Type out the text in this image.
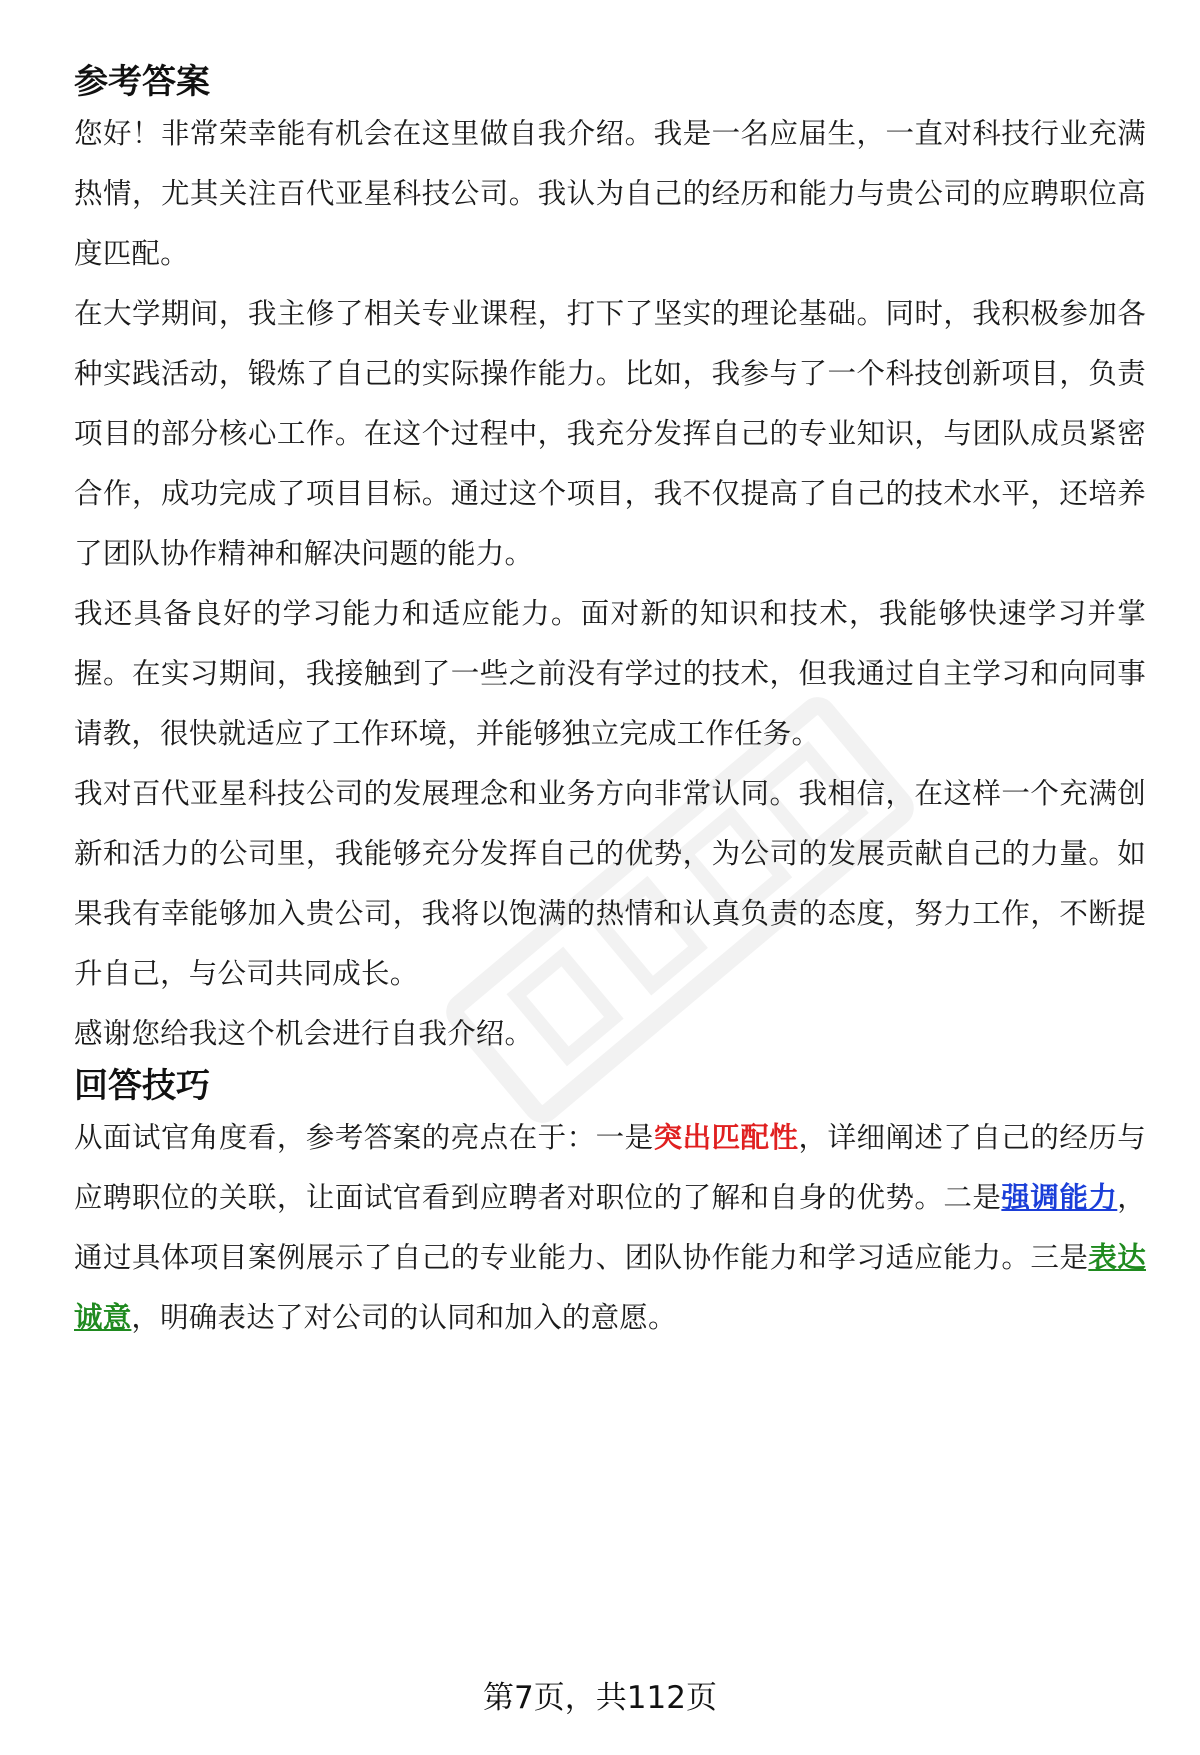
参考答案

您好！非常荣幸能有机会在这里做自我介绍。我是一名应届生，一直对科技行业充满热情，尤其关注百代亚星科技公司。我认为自己的经历和能力与贵公司的应聘职位高度匹配。

在大学期间，我主修了相关专业课程，打下了坚实的理论基础。同时，我积极参加各种实践活动，锻炼了自己的实际操作能力。比如，我参与了一个科技创新项目，负责项目的部分核心工作。在这个过程中，我充分发挥自己的专业知识，与团队成员紧密合作，成功完成了项目目标。通过这个项目，我不仅提高了自己的技术水平，还培养了团队协作精神和解决问题的能力。

我还具备良好的学习能力和适应能力。面对新的知识和技术，我能够快速学习并掌握。在实习期间，我接触到了一些之前没有学过的技术，但我通过自主学习和向同事请教，很快就适应了工作环境，并能够独立完成工作任务。

我对百代亚星科技公司的发展理念和业务方向非常认同。我相信，在这样一个充满创新和活力的公司里，我能够充分发挥自己的优势，为公司的发展贡献自己的力量。如果我有幸能够加入贵公司，我将以饱满的热情和认真负责的态度，努力工作，不断提升自己，与公司共同成长。

感谢您给我这个机会进行自我介绍。

回答技巧

从面试官角度看，参考答案的亮点在于：一是突出匹配性，详细阐述了自己的经历与应聘职位的关联，让面试官看到应聘者对职位的了解和自身的优势。二是强调能力，通过具体项目案例展示了自己的专业能力、团队协作能力和学习适应能力。三是表达诚意，明确表达了对公司的认同和加入的意愿。

第7页，共112页
